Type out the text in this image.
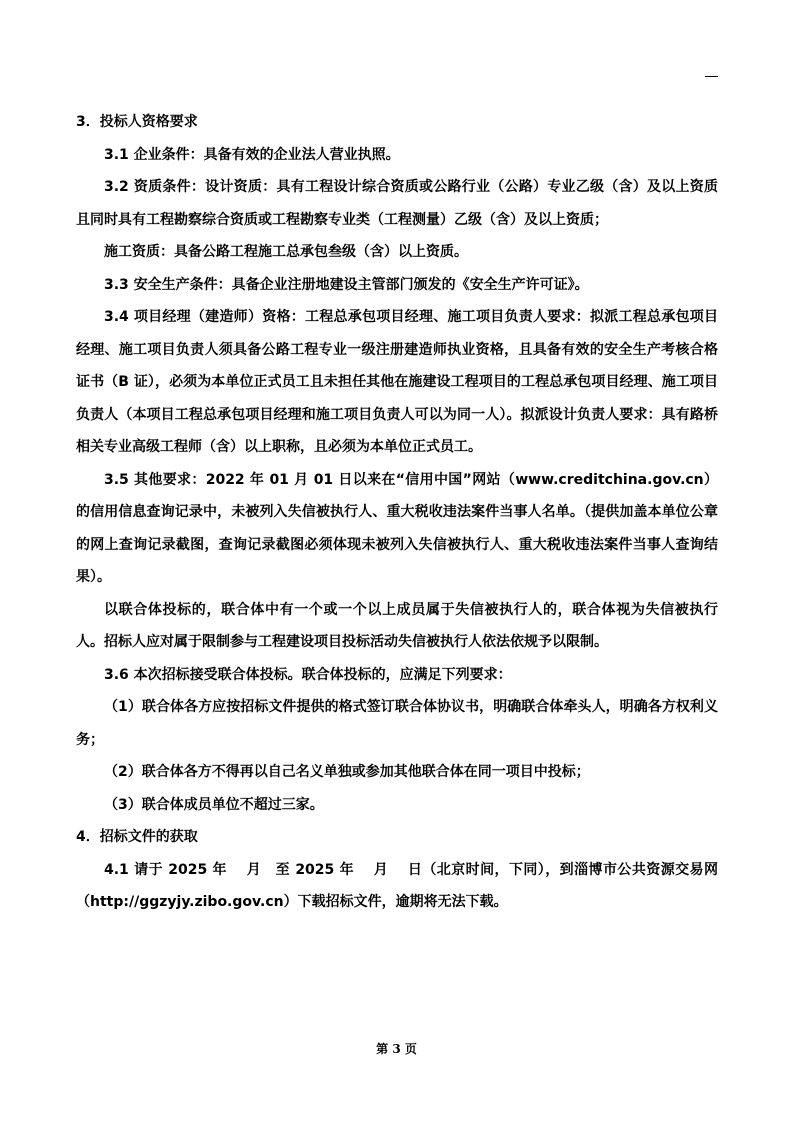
3．投标人资格要求

3.1 企业条件：具备有效的企业法人营业执照。

3.2 资质条件：设计资质：具有工程设计综合资质或公路行业（公路）专业乙级（含）及以上资质且同时具有工程勘察综合资质或工程勘察专业类（工程测量）乙级（含）及以上资质；

施工资质：具备公路工程施工总承包叁级（含）以上资质。

3.3 安全生产条件：具备企业注册地建设主管部门颁发的《安全生产许可证》。

3.4 项目经理（建造师）资格：工程总承包项目经理、施工项目负责人要求：拟派工程总承包项目经理、施工项目负责人须具备公路工程专业一级注册建造师执业资格，且具备有效的安全生产考核合格证书（B 证），必须为本单位正式员工且未担任其他在施建设工程项目的工程总承包项目经理、施工项目负责人（本项目工程总承包项目经理和施工项目负责人可以为同一人）。拟派设计负责人要求：具有路桥相关专业高级工程师（含）以上职称，且必须为本单位正式员工。

3.5 其他要求：2022 年 01 月 01 日以来在“信用中国”网站（www.creditchina.gov.cn）的信用信息查询记录中，未被列入失信被执行人、重大税收违法案件当事人名单。（提供加盖本单位公章的网上查询记录截图，查询记录截图必须体现未被列入失信被执行人、重大税收违法案件当事人查询结果）。

以联合体投标的，联合体中有一个或一个以上成员属于失信被执行人的，联合体视为失信被执行人。招标人应对属于限制参与工程建设项目投标活动失信被执行人依法依规予以限制。

3.6 本次招标接受联合体投标。联合体投标的，应满足下列要求：

（1）联合体各方应按招标文件提供的格式签订联合体协议书，明确联合体牵头人，明确各方权利义务；

（2）联合体各方不得再以自己名义单独或参加其他联合体在同一项目中投标；

（3）联合体成员单位不超过三家。

4．招标文件的获取

4.1 请于 2025 年　 月　至 2025 年　 月　 日（北京时间，下同），到淄博市公共资源交易网（http://ggzyjy.zibo.gov.cn）下载招标文件，逾期将无法下载。

第 3 页
